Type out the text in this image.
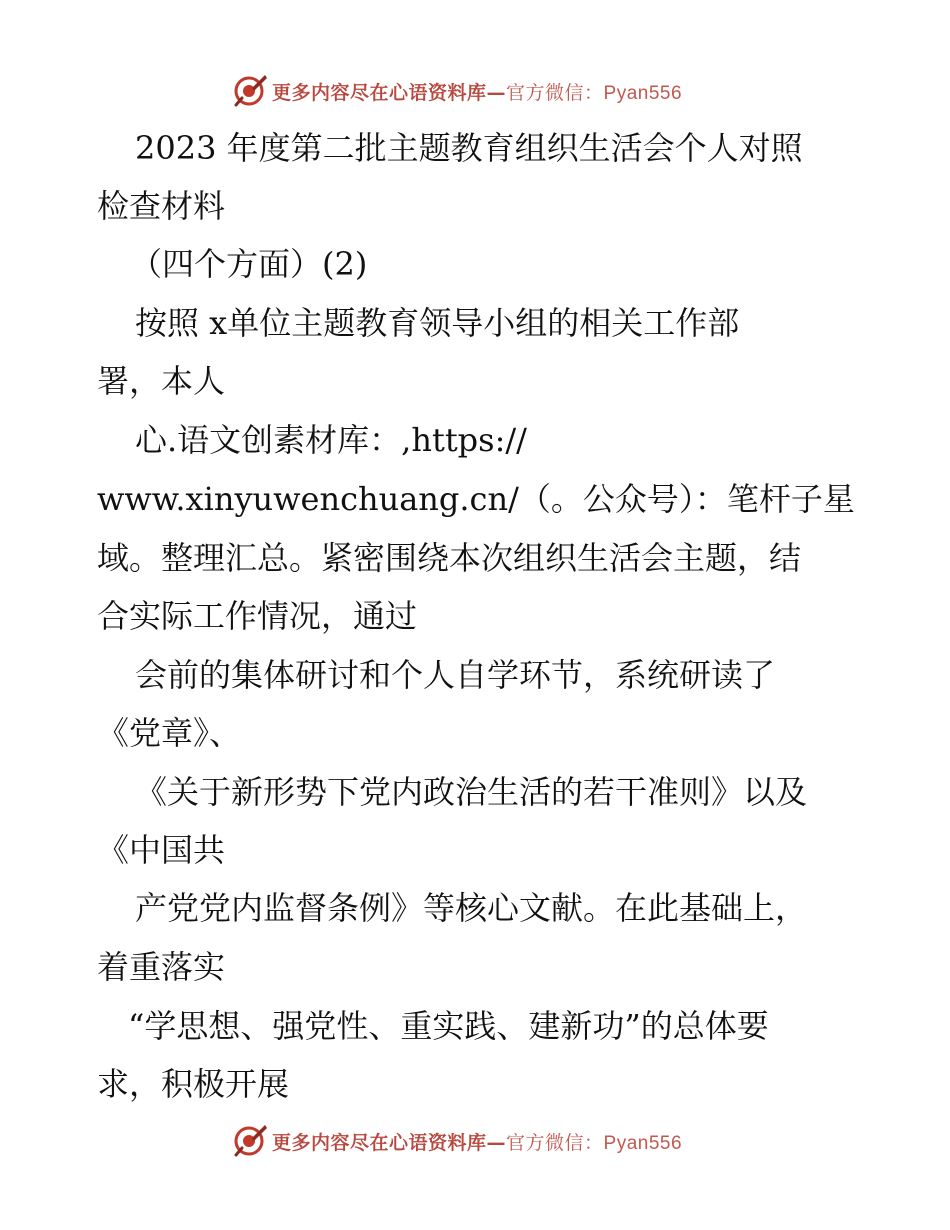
更多内容尽在心语资料库—官方微信：Pyan556
2023 年度第二批主题教育组织生活会个人对照
检查材料
（四个方面）(2)
按照 x单位主题教育领导小组的相关工作部
署，本人
心.语文创素材库：,https://
www.xinyuwenchuang.cn/（。公众号）：笔杆子星
域。整理汇总。紧密围绕本次组织生活会主题，结
合实际工作情况，通过
会前的集体研讨和个人自学环节，系统研读了
《党章》、
《关于新形势下党内政治生活的若干准则》以及
《中国共
产党党内监督条例》等核心文献。在此基础上，
着重落实
“学思想、强党性、重实践、建新功”的总体要
求，积极开展
更多内容尽在心语资料库—官方微信：Pyan556
